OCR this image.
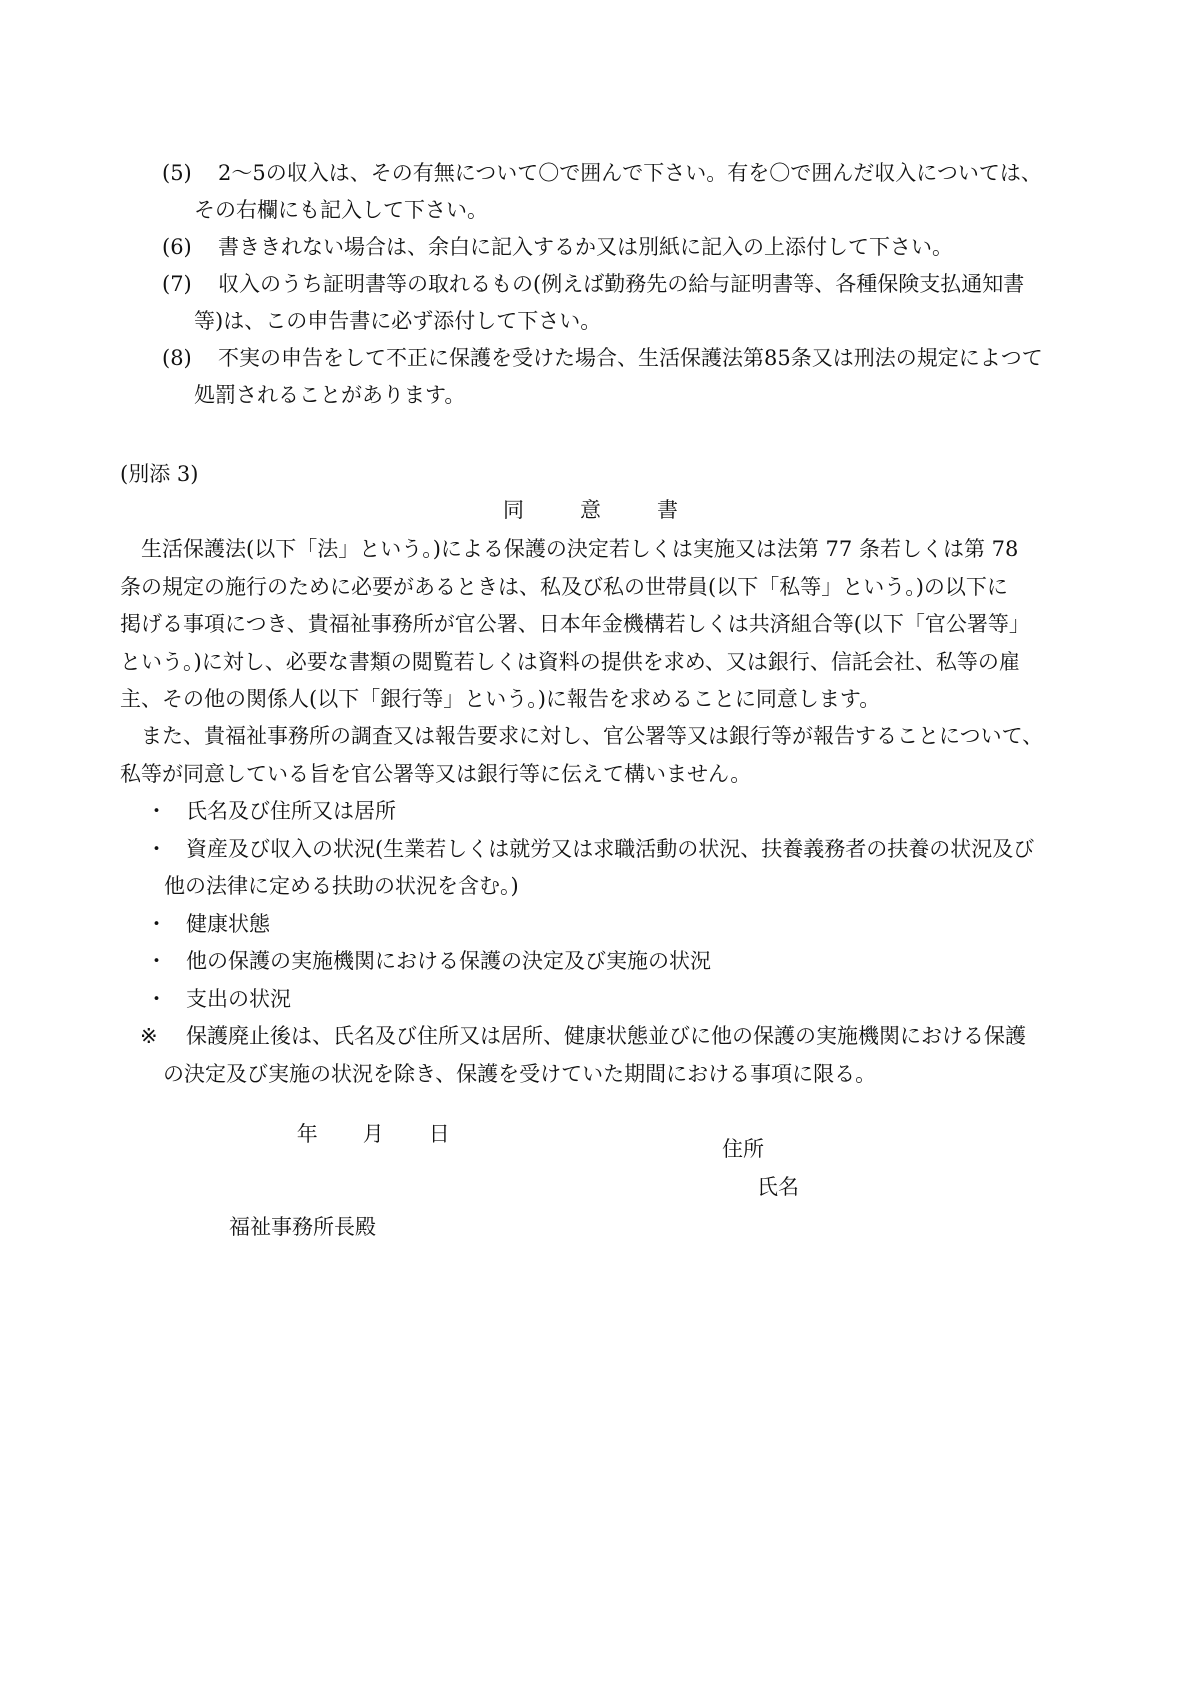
(5)	2～5の収入は、その有無について〇で囲んで下さい。有を〇で囲んだ収入については、
その右欄にも記入して下さい。
(6)	書ききれない場合は、余白に記入するか又は別紙に記入の上添付して下さい。
(7)	収入のうち証明書等の取れるもの(例えば勤務先の給与証明書等、各種保険支払通知書
等)は、この申告書に必ず添付して下さい。
(8)	不実の申告をして不正に保護を受けた場合、生活保護法第85条又は刑法の規定によつて
処罰されることがあります。
(別添 3)
同意書
　生活保護法(以下「法」という。)による保護の決定若しくは実施又は法第 77 条若しくは第 78
条の規定の施行のために必要があるときは、私及び私の世帯員(以下「私等」という。)の以下に
掲げる事項につき、貴福祉事務所が官公署、日本年金機構若しくは共済組合等(以下「官公署等」
という。)に対し、必要な書類の閲覧若しくは資料の提供を求め、又は銀行、信託会社、私等の雇
主、その他の関係人(以下「銀行等」という。)に報告を求めることに同意します。
　また、貴福祉事務所の調査又は報告要求に対し、官公署等又は銀行等が報告することについて、
私等が同意している旨を官公署等又は銀行等に伝えて構いません。
・ 氏名及び住所又は居所
・ 資産及び収入の状況(生業若しくは就労又は求職活動の状況、扶養義務者の扶養の状況及び
他の法律に定める扶助の状況を含む。)
・ 健康状態
・ 他の保護の実施機関における保護の決定及び実施の状況
・ 支出の状況
※	保護廃止後は、氏名及び住所又は居所、健康状態並びに他の保護の実施機関における保護
の決定及び実施の状況を除き、保護を受けていた期間における事項に限る。

年 月 日

住所
氏名
福祉事務所長殿
